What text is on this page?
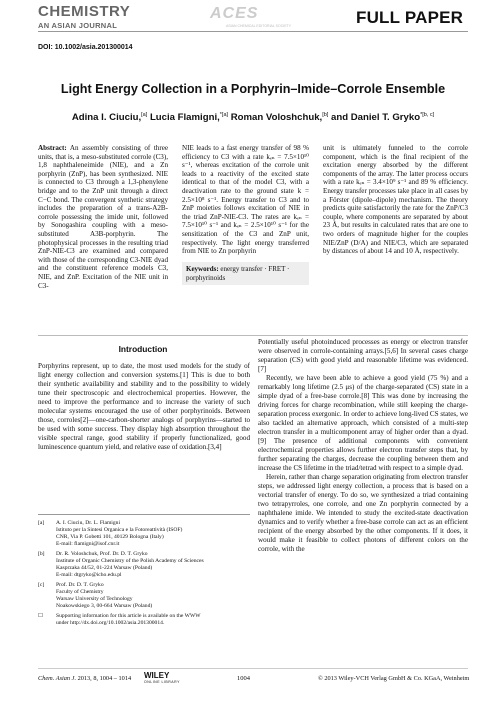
CHEMISTRY
AN ASIAN JOURNAL
ACES
ASIAN CHEMICAL EDITORIAL SOCIETY	FULL PAPER
DOI: 10.1002/asia.201300014
Light Energy Collection in a Porphyrin–Imide–Corrole Ensemble
Adina I. Ciuciu,[a] Lucia Flamigni,$^{*[a]}$ Roman Voloshchuk,[b] and Daniel T. Gryko$^{*[b, c]}$
Abstract: An assembly consisting of three units, that is, a meso-substituted corrole (C3), 1,8 naphthaleneimide (NIE), and a Zn porphyrin (ZnP), has been synthesized. NIE is connected to C3 through a 1,3-phenylene bridge and to the ZnP unit through a direct C−C bond. The convergent synthetic strategy includes the preparation of a trans-A2B-corrole possessing the imide unit, followed by Sonogashira coupling with a meso-substituted A3B-porphyrin. The photophysical processes in the resulting triad ZnP-NIE-C3 are examined and compared with those of the corresponding C3-NIE dyad and the constituent reference models C3, NIE, and ZnP. Excitation of the NIE unit in C3-
NIE leads to a fast energy transfer of 98 % efficiency to C3 with a rate kₑₙ = 7.5×10¹⁰ s⁻¹, whereas excitation of the corrole unit leads to a reactivity of the excited state identical to that of the model C3, with a deactivation rate to the ground state k = 2.5×10⁸ s⁻¹. Energy transfer to C3 and to ZnP moieties follows excitation of NIE in the triad ZnP-NIE-C3. The rates are kₑₙ = 7.5×10¹⁰ s⁻¹ and kₑₙ = 2.5×10¹⁰ s⁻¹ for the sensitization of the C3 and ZnP unit, respectively. The light energy transferred from NIE to Zn porphyrin
unit is ultimately funneled to the corrole component, which is the final recipient of the excitation energy absorbed by the different components of the array. The latter process occurs with a rate kₑₙ = 3.4×10⁹ s⁻¹ and 89 % efficiency. Energy transfer processes take place in all cases by a Förster (dipole–dipole) mechanism. The theory predicts quite satisfactorily the rate for the ZnP/C3 couple, where components are separated by about 23 Å, but results in calculated rates that are one to two orders of magnitude higher for the couples NIE/ZnP (D/A) and NIE/C3, which are separated by distances of about 14 and 10 Å, respectively.
Keywords: energy transfer · FRET · porphyrinoids
Introduction
Porphyrins represent, up to date, the most used models for the study of light energy collection and conversion systems.[1] This is due to both their synthetic availability and stability and to the possibility to widely tune their spectroscopic and electrochemical properties. However, the need to improve the performance and to increase the variety of such molecular systems encouraged the use of other porphyrinoids. Between those, corroles[2]—one-carbon-shorter analogs of porphyrins—started to be used with some success. They display high absorption throughout the visible spectral range, good stability if properly functionalized, good luminescence quantum yield, and relative ease of oxidation.[3,4]

Potentially useful photoinduced processes as energy or electron transfer were observed in corrole-containing arrays.[5,6] In several cases charge separation (CS) with good yield and reasonable lifetime was evidenced.[7]

Recently, we have been able to achieve a good yield (75 %) and a remarkably long lifetime (2.5 μs) of the charge-separated (CS) state in a simple dyad of a free-base corrole.[8] This was done by increasing the driving forces for charge recombination, while still keeping the charge-separation process exergonic. In order to achieve long-lived CS states, we also tackled an alternative approach, which consisted of a multi-step electron transfer in a multicomponent array of higher order than a dyad.[9] The presence of additional components with convenient electrochemical properties allows further electron transfer steps that, by further separating the charges, decrease the coupling between them and increase the CS lifetime in the triad/tetrad with respect to a simple dyad.

Herein, rather than charge separation originating from electron transfer steps, we addressed light energy collection, a process that is based on a vectorial transfer of energy. To do so, we synthesized a triad containing two tetrapyrroles, one corrole, and one Zn porphyrin connected by a naphthalene imide. We intended to study the excited-state deactivation dynamics and to verify whether a free-base corrole can act as an efficient recipient of the energy absorbed by the other components. If it does, it would make it feasible to collect photons of different colors on the corrole, with the

[a] A. I. Ciuciu, Dr. L. Flamigni
Istituto per la Sintesi Organica e la Fotoreattività (ISOF)
CNR, Via P. Gobetti 101, 40129 Bologna (Italy)
E-mail: flamigni@isof.cnr.it
[b] Dr. R. Voloshchuk, Prof. Dr. D. T. Gryko
Institute of Organic Chemistry of the Polish Academy of Sciences
Kasprzaka 44/52, 01-224 Warsaw (Poland)
E-mail: dtgryko@icho.edu.pl
[c] Prof. Dr. D. T. Gryko
Faculty of Chemistry
Warsaw University of Technology
Noakowskiego 3, 00-664 Warsaw (Poland)
☐ Supporting information for this article is available on the WWW
under http://dx.doi.org/10.1002/asia.201300014.
Chem. Asian J. 2013, 8, 1004 – 1014 WILEY
ONLINE LIBRARY	1004	© 2013 Wiley-VCH Verlag GmbH & Co. KGaA, Weinheim
